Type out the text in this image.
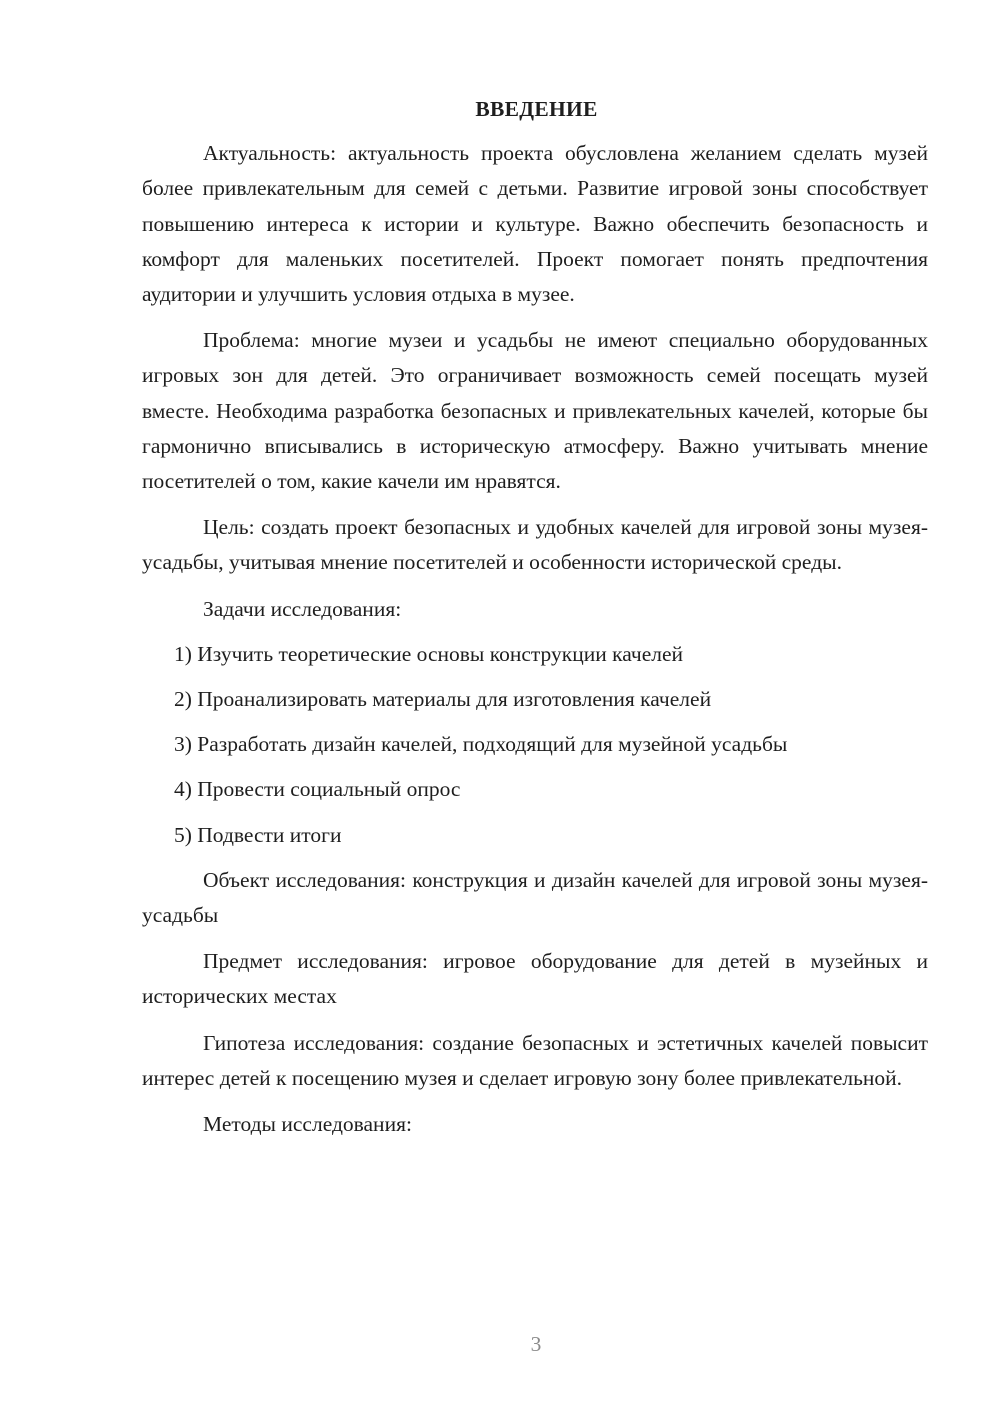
ВВЕДЕНИЕ

Актуальность: актуальность проекта обусловлена желанием сделать музей более привлекательным для семей с детьми. Развитие игровой зоны способствует повышению интереса к истории и культуре. Важно обеспечить безопасность и комфорт для маленьких посетителей. Проект помогает понять предпочтения аудитории и улучшить условия отдыха в музее.

Проблема: многие музеи и усадьбы не имеют специально оборудованных игровых зон для детей. Это ограничивает возможность семей посещать музей вместе. Необходима разработка безопасных и привлекательных качелей, которые бы гармонично вписывались в историческую атмосферу. Важно учитывать мнение посетителей о том, какие качели им нравятся.

Цель: создать проект безопасных и удобных качелей для игровой зоны музея-усадьбы, учитывая мнение посетителей и особенности исторической среды.

Задачи исследования:

1) Изучить теоретические основы конструкции качелей
2) Проанализировать материалы для изготовления качелей
3) Разработать дизайн качелей, подходящий для музейной усадьбы
4) Провести социальный опрос
5) Подвести итоги

Объект исследования: конструкция и дизайн качелей для игровой зоны музея-усадьбы

Предмет исследования: игровое оборудование для детей в музейных и исторических местах

Гипотеза исследования: создание безопасных и эстетичных качелей повысит интерес детей к посещению музея и сделает игровую зону более привлекательной.

Методы исследования:

3
